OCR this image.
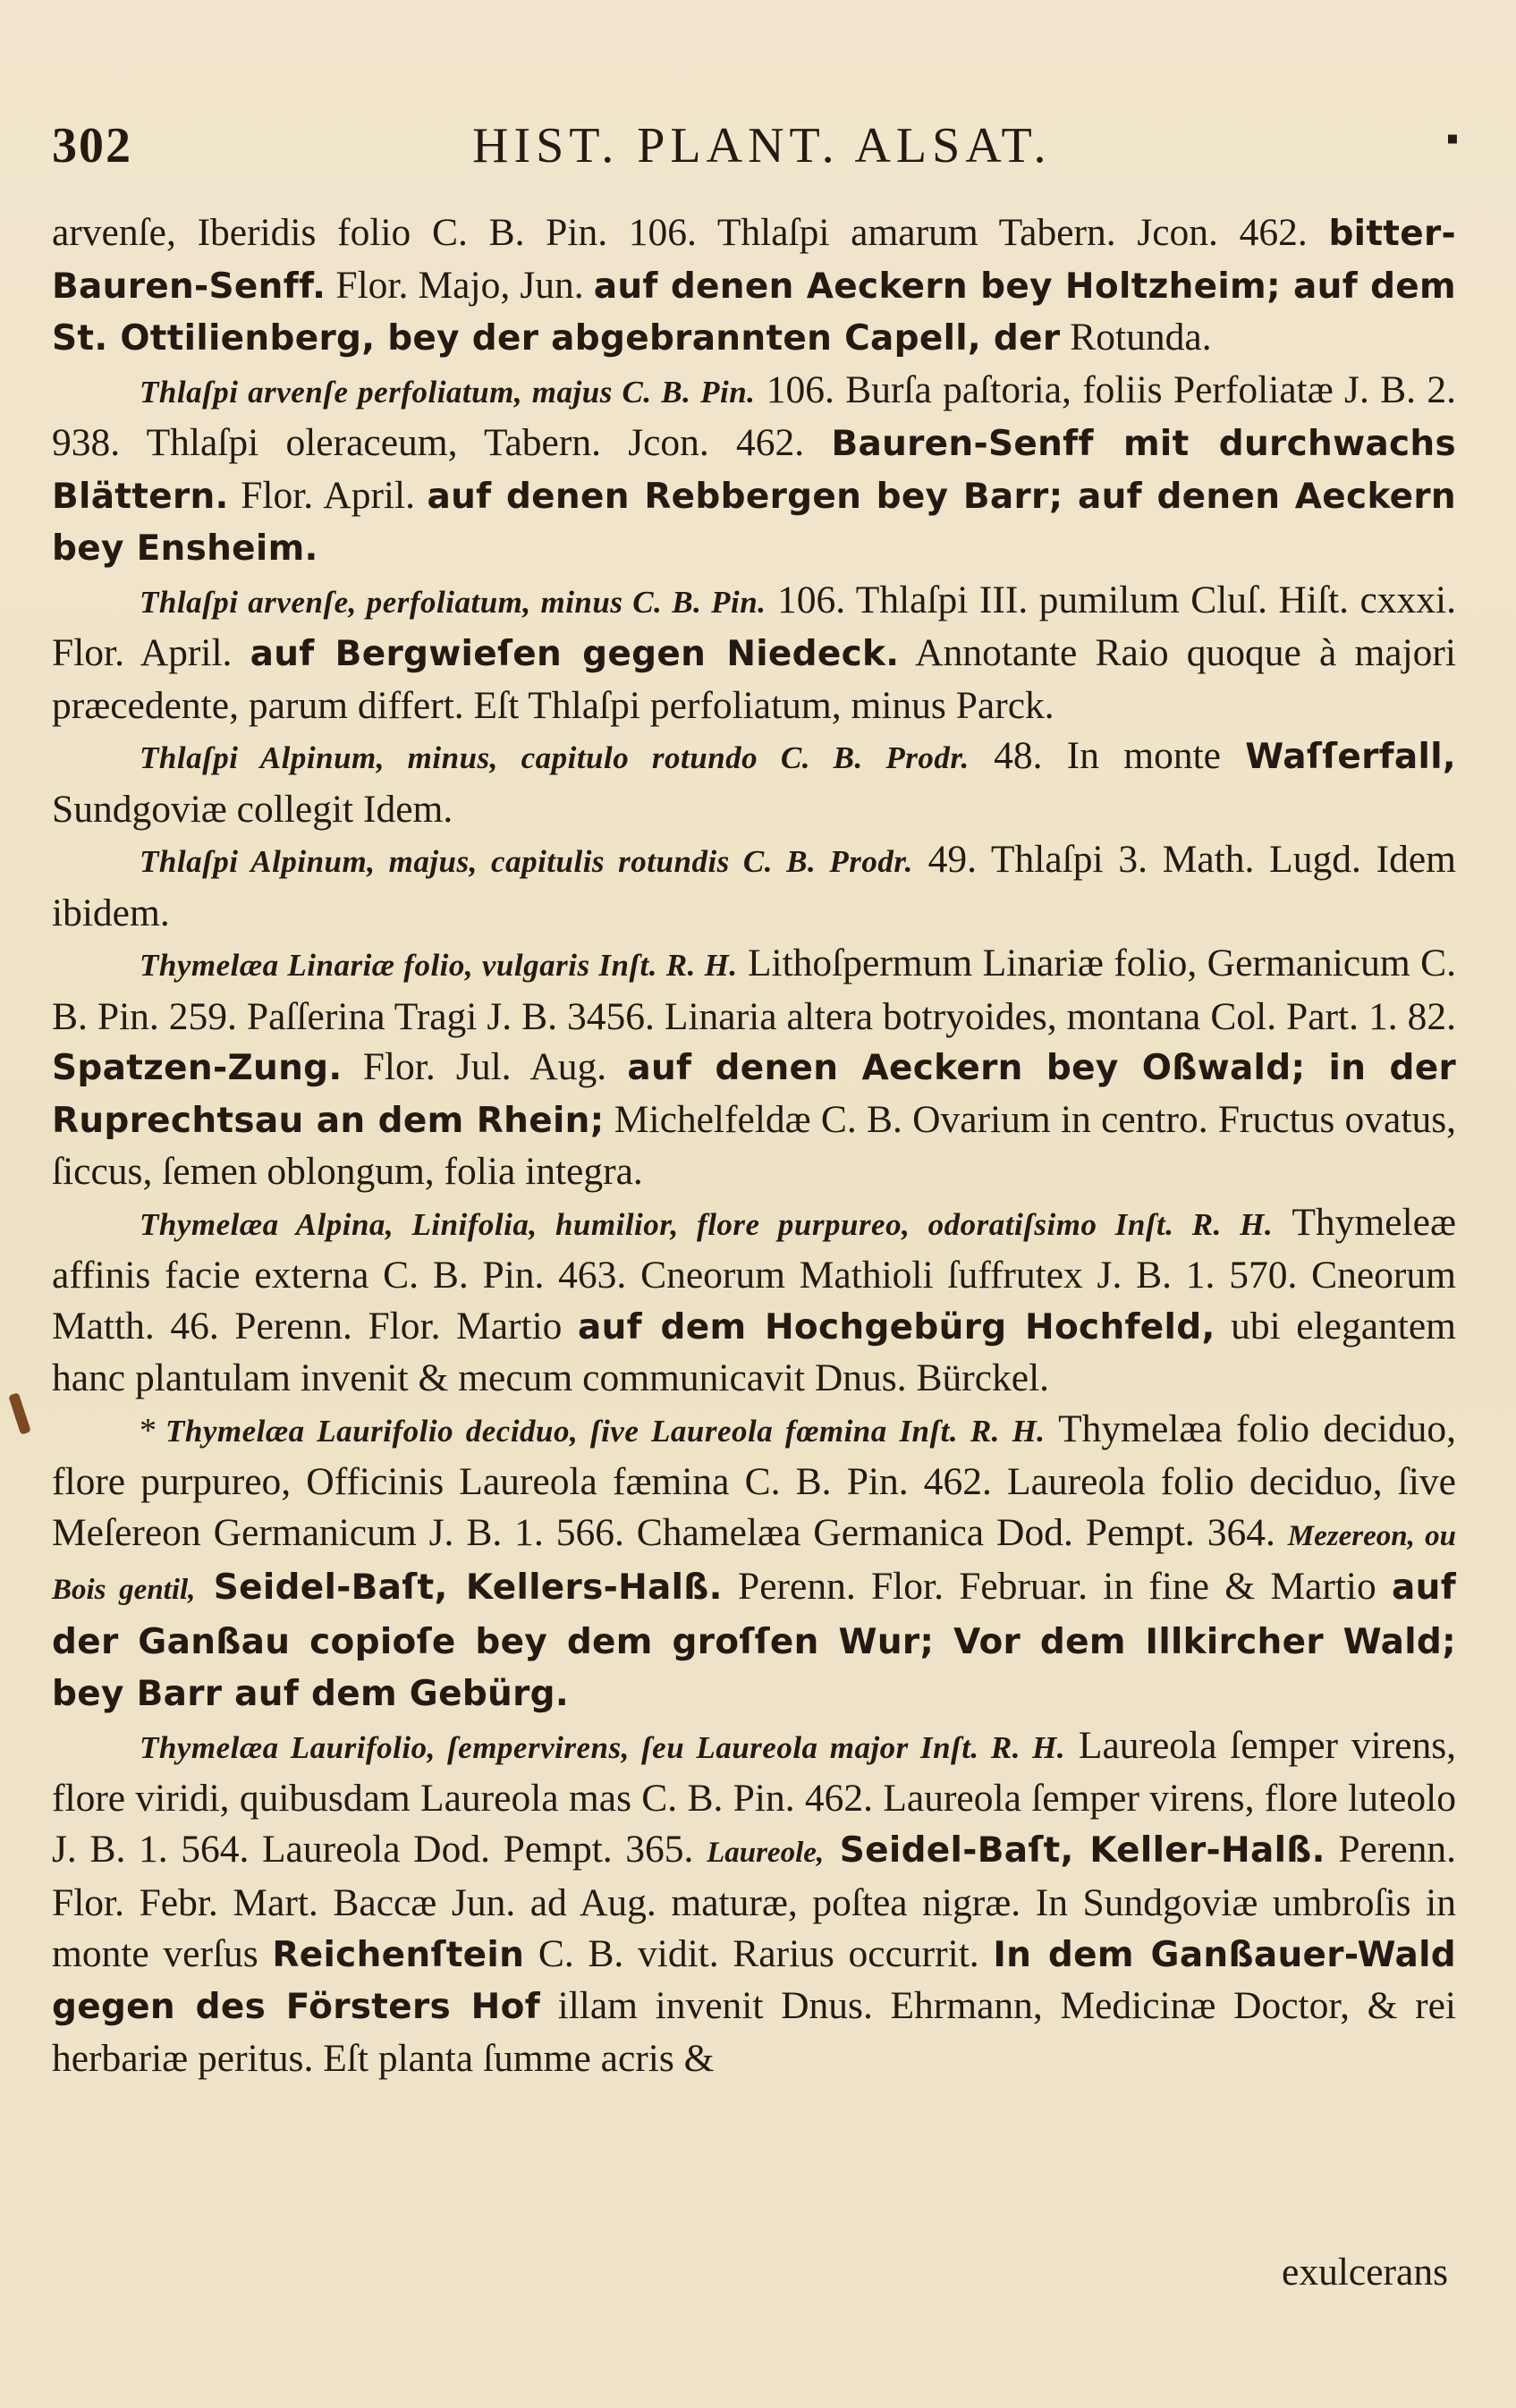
302	HIST. PLANT. ALSAT.	▪

arvenſe, Iberidis folio C. B. Pin. 106. Thlaſpi amarum Tabern. Jcon. 462. bitter-Bauren-Senff. Flor. Majo, Jun. auf denen Aeckern bey Holtzheim; auf dem St. Ottilienberg, bey der abgebrannten Capell, der Rotunda.

Thlaſpi arvenſe perfoliatum, majus C. B. Pin. 106. Burſa paſtoria, foliis Perfoliatæ J. B. 2. 938. Thlaſpi oleraceum, Tabern. Jcon. 462. Bauren-Senff mit durchwachs Blättern. Flor. April. auf denen Rebbergen bey Barr; auf denen Aeckern bey Ensheim.

Thlaſpi arvenſe, perfoliatum, minus C. B. Pin. 106. Thlaſpi III. pumilum Cluſ. Hiſt. cxxxi. Flor. April. auf Bergwieſen gegen Niedeck. Annotante Raio quoque à majori præcedente, parum differt. Eſt Thlaſpi perfoliatum, minus Parck.

Thlaſpi Alpinum, minus, capitulo rotundo C. B. Prodr. 48. In monte Waſſerfall, Sundgoviæ collegit Idem.

Thlaſpi Alpinum, majus, capitulis rotundis C. B. Prodr. 49. Thlaſpi 3. Math. Lugd. Idem ibidem.

Thymelæa Linariæ folio, vulgaris Inſt. R. H. Lithoſpermum Linariæ folio, Germanicum C. B. Pin. 259. Paſſerina Tragi J. B. 3456. Linaria altera botryoides, montana Col. Part. 1. 82. Spatzen-Zung. Flor. Jul. Aug. auf denen Aeckern bey Oßwald; in der Ruprechtsau an dem Rhein; Michelfeldæ C. B. Ovarium in centro. Fructus ovatus, ſiccus, ſemen oblongum, folia integra.

Thymelæa Alpina, Linifolia, humilior, flore purpureo, odoratiſsimo Inſt. R. H. Thymeleæ affinis facie externa C. B. Pin. 463. Cneorum Mathioli ſuffrutex J. B. 1. 570. Cneorum Matth. 46. Perenn. Flor. Martio auf dem Hochgebürg Hochfeld, ubi elegantem hanc plantulam invenit & mecum communicavit Dnus. Bürckel.

* Thymelæa Laurifolio deciduo, ſive Laureola fœmina Inſt. R. H. Thymelæa folio deciduo, flore purpureo, Officinis Laureola fæmina C. B. Pin. 462. Laureola folio deciduo, ſive Meſereon Germanicum J. B. 1. 566. Chamelæa Germanica Dod. Pempt. 364. Mezereon, ou Bois gentil, Seidel-Baſt, Kellers-Halß. Perenn. Flor. Februar. in fine & Martio auf der Ganßau copioſe bey dem groſſen Wur; Vor dem Illkircher Wald; bey Barr auf dem Gebürg.

Thymelæa Laurifolio, ſempervirens, ſeu Laureola major Inſt. R. H. Laureola ſemper virens, flore viridi, quibusdam Laureola mas C. B. Pin. 462. Laureola ſemper virens, flore luteolo J. B. 1. 564. Laureola Dod. Pempt. 365. Laureole, Seidel-Baſt, Keller-Halß. Perenn. Flor. Febr. Mart. Baccæ Jun. ad Aug. maturæ, poſtea nigræ. In Sundgoviæ umbroſis in monte verſus Reichenſtein C. B. vidit. Rarius occurrit. In dem Ganßauer-Wald gegen des Försters Hof illam invenit Dnus. Ehrmann, Medicinæ Doctor, & rei herbariæ peritus. Eſt planta ſumme acris &

exulcerans
